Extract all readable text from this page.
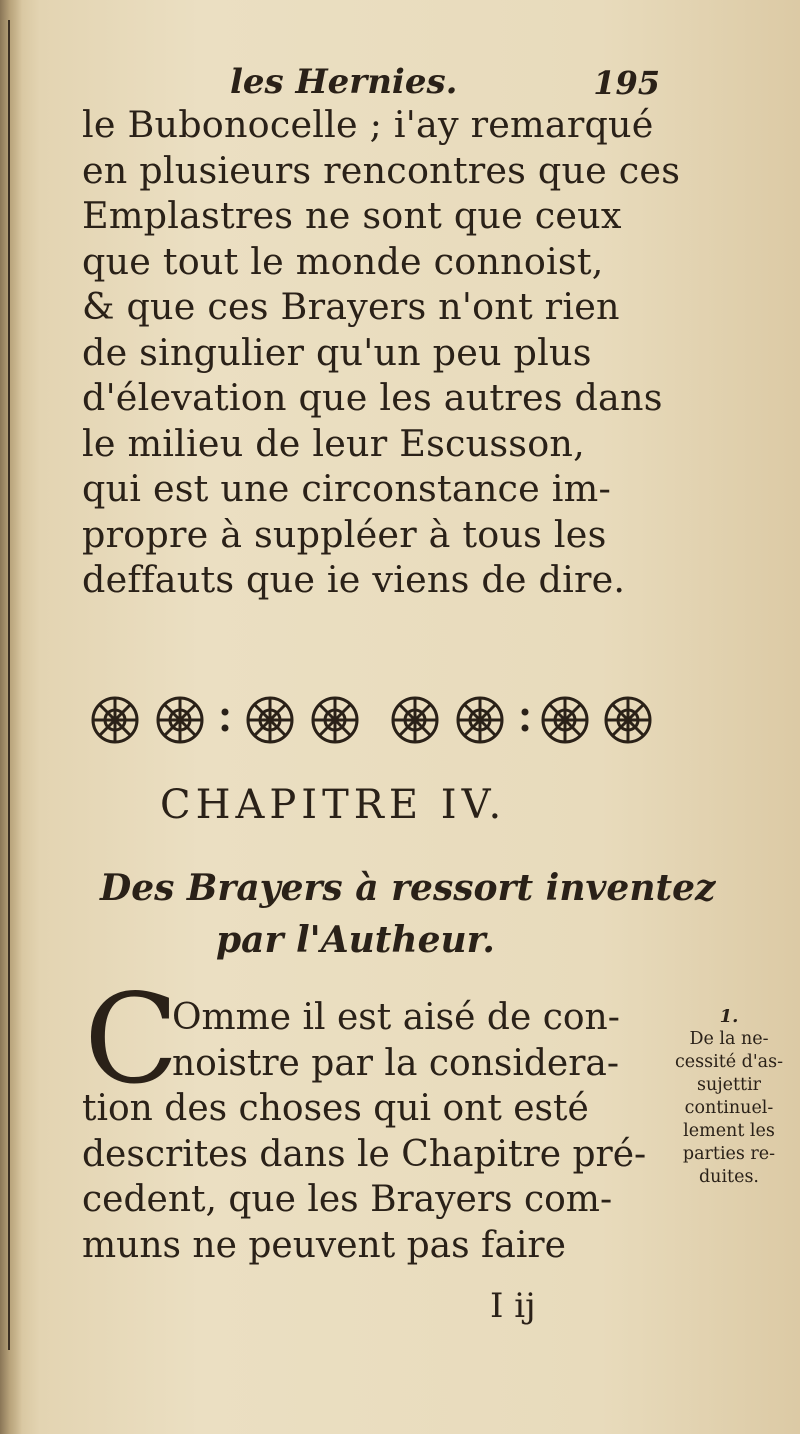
les Hernies.	195
le Bubonocelle ; i'ay remarqué
en plusieurs rencontres que ces
Emplastres ne sont que ceux
que tout le monde connoist,
& que ces Brayers n'ont rien
de singulier qu'un peu plus
d'élevation que les autres dans
le milieu de leur Escusson,
qui est une circonstance im-
propre à suppléer à tous les
deffauts que ie viens de dire.
CHAPITRE IV.
Des Brayers à ressort inventez
par l'Autheur.
C
Omme il est aisé de con-
noistre par la considera-
tion des choses qui ont esté
descrites dans le Chapitre pré-
cedent, que les Brayers com-
muns ne peuvent pas faire
I ij
1.
De la ne-
cessité d'as-
sujettir
continuel-
lement les
parties re-
duites.
